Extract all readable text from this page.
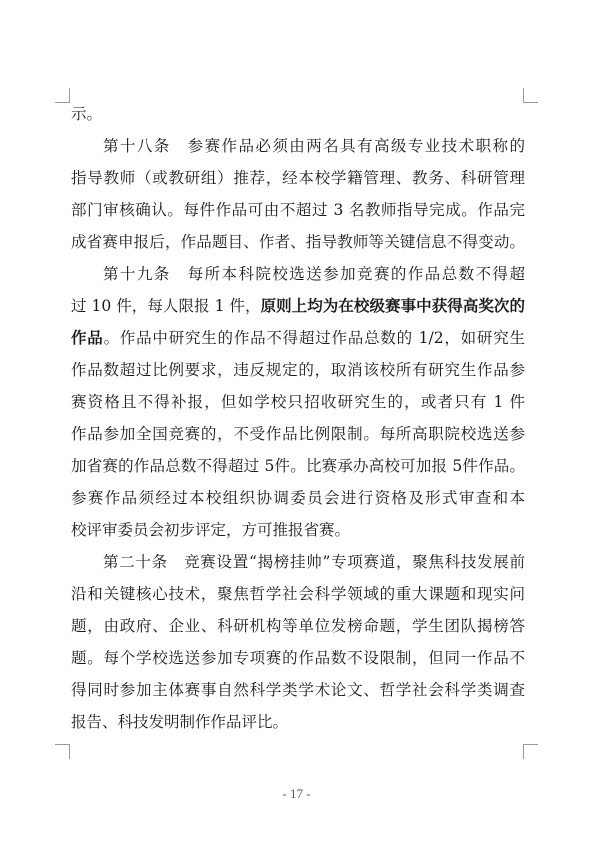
示。
第十八条　参赛作品必须由两名具有高级专业技术职称的
指导教师（或教研组）推荐，经本校学籍管理、教务、科研管理
部门审核确认。每件作品可由不超过 3 名教师指导完成。作品完
成省赛申报后，作品题目、作者、指导教师等关键信息不得变动。
第十九条　每所本科院校选送参加竞赛的作品总数不得超
过 10 件，每人限报 1 件，原则上均为在校级赛事中获得高奖次的
作品。作品中研究生的作品不得超过作品总数的 1/2，如研究生
作品数超过比例要求，违反规定的，取消该校所有研究生作品参
赛资格且不得补报，但如学校只招收研究生的，或者只有 1 件
作品参加全国竞赛的，不受作品比例限制。每所高职院校选送参
加省赛的作品总数不得超过 5件。比赛承办高校可加报 5件作品。
参赛作品须经过本校组织协调委员会进行资格及形式审查和本
校评审委员会初步评定，方可推报省赛。
第二十条　竞赛设置“揭榜挂帅”专项赛道，聚焦科技发展前
沿和关键核心技术，聚焦哲学社会科学领域的重大课题和现实问
题，由政府、企业、科研机构等单位发榜命题，学生团队揭榜答
题。每个学校选送参加专项赛的作品数不设限制，但同一作品不
得同时参加主体赛事自然科学类学术论文、哲学社会科学类调查
报告、科技发明制作作品评比。
- 17 -
